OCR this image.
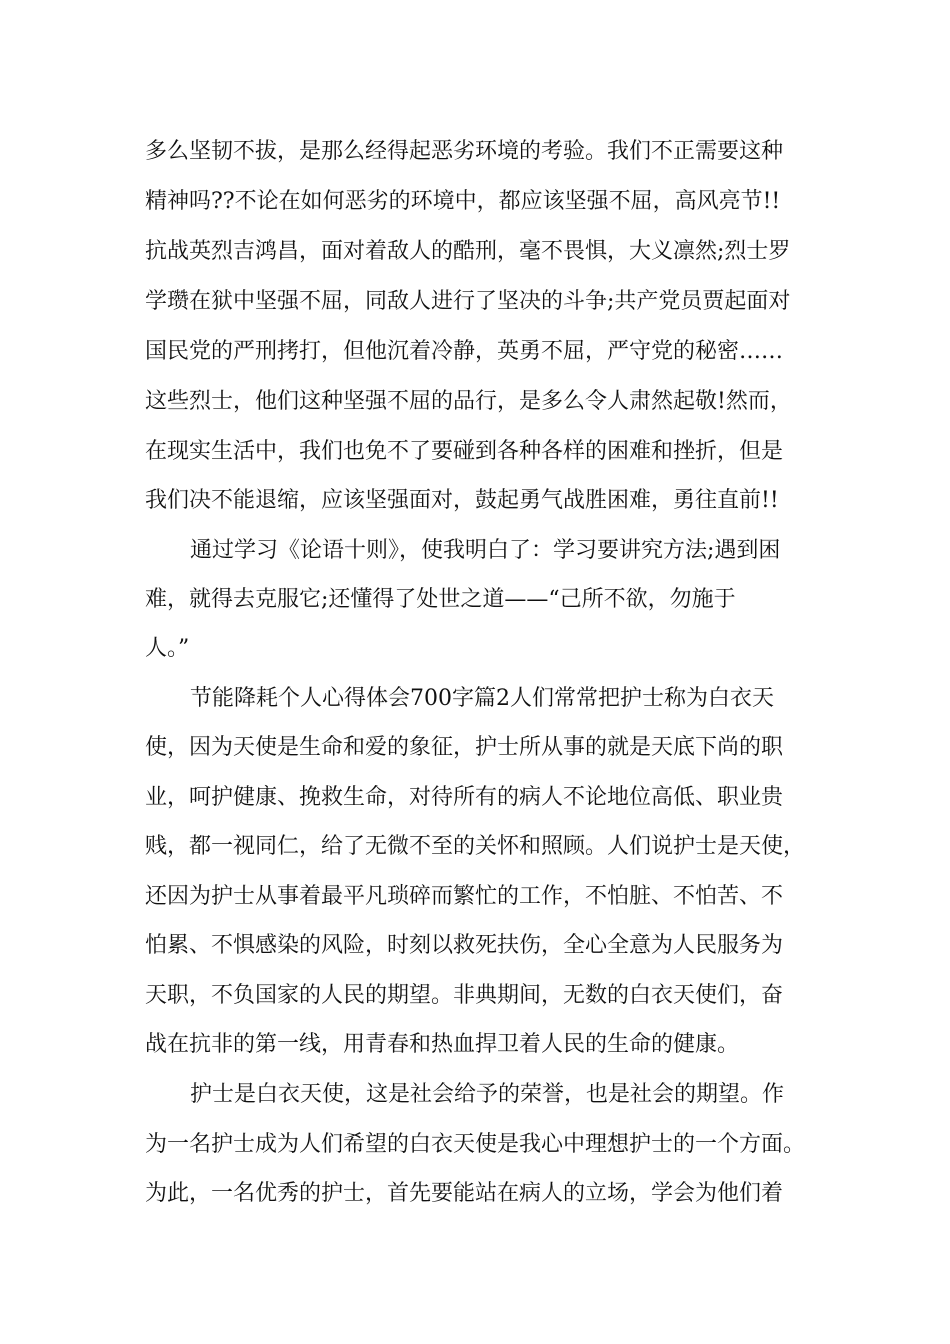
多么坚韧不拔，是那么经得起恶劣环境的考验。我们不正需要这种
精神吗??不论在如何恶劣的环境中，都应该坚强不屈，高风亮节!!
抗战英烈吉鸿昌，面对着敌人的酷刑，毫不畏惧，大义凛然;烈士罗
学瓒在狱中坚强不屈，同敌人进行了坚决的斗争;共产党员贾起面对
国民党的严刑拷打，但他沉着冷静，英勇不屈，严守党的秘密……
这些烈士，他们这种坚强不屈的品行，是多么令人肃然起敬!然而，
在现实生活中，我们也免不了要碰到各种各样的困难和挫折，但是
我们决不能退缩，应该坚强面对，鼓起勇气战胜困难，勇往直前!!
通过学习《论语十则》，使我明白了：学习要讲究方法;遇到困
难，就得去克服它;还懂得了处世之道——“己所不欲，勿施于
人。”
节能降耗个人心得体会700字篇2人们常常把护士称为白衣天
使，因为天使是生命和爱的象征，护士所从事的就是天底下尚的职
业，呵护健康、挽救生命，对待所有的病人不论地位高低、职业贵
贱，都一视同仁，给了无微不至的关怀和照顾。人们说护士是天使，
还因为护士从事着最平凡琐碎而繁忙的工作，不怕脏、不怕苦、不
怕累、不惧感染的风险，时刻以救死扶伤，全心全意为人民服务为
天职，不负国家的人民的期望。非典期间，无数的白衣天使们，奋
战在抗非的第一线，用青春和热血捍卫着人民的生命的健康。
护士是白衣天使，这是社会给予的荣誉，也是社会的期望。作
为一名护士成为人们希望的白衣天使是我心中理想护士的一个方面。
为此，一名优秀的护士，首先要能站在病人的立场，学会为他们着
